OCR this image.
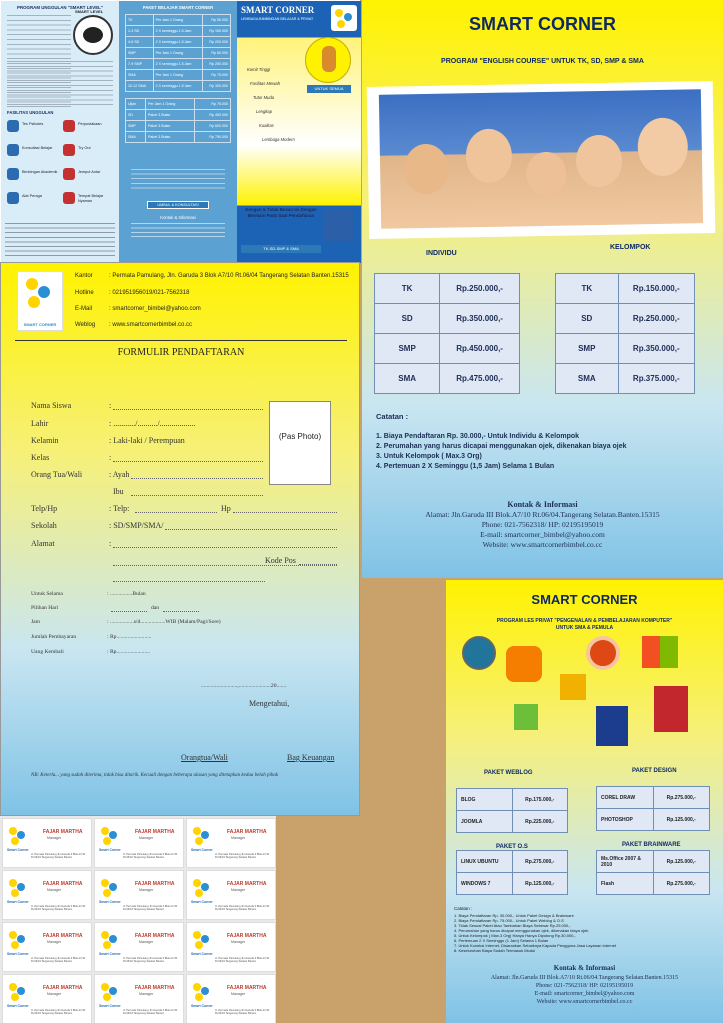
PROGRAM UNGGULAN "SMART LEVEL"
SMART LEVEL
FASILITAS UNGGULAN
Tes Psikotes	Perpustakaan
Konsultasi Belajar	Try Out
Bimbingan Akademik	Jemput Antar
Alat Peraga	Tempat Belajar Nyaman
PAKET BELAJAR SMART CORNER
TK	Per Jam 1 Orang	Rp 50.000
1-3 SD	2 X seminggu 1.5 Jam	Rp 150.000
4-6 SD	2 X seminggu 1.5 Jam	Rp 200.000
SMP	Per Jam 1 Orang	Rp 60.000
7-9 SMP	2 X seminggu 1.5 Jam	Rp 250.000
SMA	Per Jam 1 Orang	Rp 75.000
10-12 SMA	2 X seminggu 1.5 Jam	Rp 300.000
Ujian	Per Jam 1 Orang	Rp 75.000
SD	Paket 3 Bulan	Rp 450.000
SMP	Paket 3 Bulan	Rp 600.000
SMA	Paket 3 Bulan	Rp 750.000
UMBUL & KONSULTASI
Kontak & Informasi
SMART CORNER
LEMBAGA BIMBINGAN BELAJAR & PRIVAT
UNTUK SEMUA
Komit Tinggi
Fasilitas Mewah
Tutor Muda
Lengkap
Kualitas
Lembaga Modern
Dengan & Tidak Bosan Ini Dengan Bermain Pada Saat Pendaftaran
TK-SD-SMP & SMA
SMART CORNER
Kantor	: Permata Pamulang, Jln. Garuda 3 Blok A7/10 Rt.06/04 Tangerang Selatan Banten.15315
Hotline	: 021951956019/021-7562318
E-Mail	: smartcorner_bimbel@yahoo.com
Weblog : www.smartcornerbimbel.co.cc
FORMULIR PENDAFTARAN
(Pas Photo)
Nama Siswa	:
Lahir	: .........../........../..................
Kelamin	: Laki-laki / Perempuan
Kelas	:
Orang Tua/Wali	: Ayah
Ibu
Telp/Hp	: Telp:	Hp
Sekolah	: SD/SMP/SMA/
Alamat	:
Kode Pos
Untuk Selama	: ................Bulan
Pilihan Hari	dan
Jam	: .................s/d..................WIB (Malam/Pagi/Sore)
Jumlah Pembayaran	: Rp.........................
Uang Kembali	: Rp........................
..........................,.......................20.......
Mengetahui,
Orangtua/Wali	Bag Keuangan
NB: Keterlu... yang sudah diterima, tidak bisa ditarik. Kecuali dengan beberapa alasan yang ditetapkan kedua belah pihak
SMART CORNER
PROGRAM "ENGLISH COURSE" UNTUK TK, SD, SMP & SMA
INDIVIDU
KELOMPOK
TK	Rp.250.000,-
SD	Rp.350.000,-
SMP	Rp.450.000,-
SMA	Rp.475.000,-
TK	Rp.150.000,-
SD	Rp.250.000,-
SMP	Rp.350.000,-
SMA	Rp.375.000,-
Catatan :
1. Biaya Pendaftaran Rp. 30.000,- Untuk Individu & Kelompok
2. Perumahan yang harus dicapai menggunakan ojek, dikenakan biaya ojek
3. Untuk Kelompok ( Max.3 Org)
4. Pertemuan 2 X Seminggu (1,5 Jam) Selama 1 Bulan
Kontak & Informasi
Alamat: Jln.Garuda III Blok.A7/10 Rt.06/04.Tangerang Selatan.Banten.15315
Phone: 021-7562318/ HP: 02195195019
E-mail: smartcorner_bimbel@yahoo.com
Website: www.smartcornerbimbel.co.cc
SMART CORNER
PROGRAM LES PRIVAT "PENGENALAN & PEMBELAJARAN KOMPUTER"
UNTUK SMA & PEMULA
PAKET WEBLOG	PAKET DESIGN
BLOG	Rp.175.000,-
JOOMLA	Rp.225.000,-
COREL DRAW	Rp.275.000,-
PHOTOSHOP	Rp.125.000,-
PAKET O.S	PAKET BRAINWARE
LINUX UBUNTU	Rp.275.000,-
WINDOWS 7	Rp.125.000,-
Ms.Office 2007 & 2010	Rp.125.000,-
Flash	Rp.275.000,-
Catatan :
1. Biaya Pendaftaran Rp. 30.000,- Untuk Paket Design & Brainware
2. Biaya Pendaftaran Rp. 75.000,- Untuk Paket Weblog & O.S
3. Tidak Sesuai Paket Atau Tambahan Biaya Sebesar Rp.25.000,-
4. Perumahan yang harus dicapai menggunakan ojek, dikenakan biaya ojek
5. Untuk Kelompok ( Max.3 Org) Hanya Hanya Dipotong Rp.30.000,-
6. Pertemuan 2 X Seminggu (1 Jam) Selama 1 Bulan
7. Untuk Koneksi Internet, Disarankan Sebaiknya Kapada Pengguna Jasa Layanan Internet
8. Keseluruhan Biaya Sudah Termasuk Modul
Kontak & Informasi
Alamat: Jln.Garuda III Blok.A7/10 Rt.06/04.Tangerang Selatan.Banten.15315
Phone: 021-7562318/ HP: 02195195019
E-mail: smartcorner_bimbel@yahoo.com
Website: www.smartcornerbimbel.co.cc
Smart Corner
FAJAR MARTHA
Manager
Jl. Permata Pamulang Jln.Garuda 3 Blok A7/10 Rt.06/04 Tangerang Selatan Banten
Smart Corner
FAJAR MARTHA
Manager
Jl. Permata Pamulang Jln.Garuda 3 Blok A7/10 Rt.06/04 Tangerang Selatan Banten
Smart Corner
FAJAR MARTHA
Manager
Jl. Permata Pamulang Jln.Garuda 3 Blok A7/10 Rt.06/04 Tangerang Selatan Banten
Smart Corner
FAJAR MARTHA
Manager
Jl. Permata Pamulang Jln.Garuda 3 Blok A7/10 Rt.06/04 Tangerang Selatan Banten
Smart Corner
FAJAR MARTHA
Manager
Jl. Permata Pamulang Jln.Garuda 3 Blok A7/10 Rt.06/04 Tangerang Selatan Banten
Smart Corner
FAJAR MARTHA
Manager
Jl. Permata Pamulang Jln.Garuda 3 Blok A7/10 Rt.06/04 Tangerang Selatan Banten
Smart Corner
FAJAR MARTHA
Manager
Jl. Permata Pamulang Jln.Garuda 3 Blok A7/10 Rt.06/04 Tangerang Selatan Banten
Smart Corner
FAJAR MARTHA
Manager
Jl. Permata Pamulang Jln.Garuda 3 Blok A7/10 Rt.06/04 Tangerang Selatan Banten
Smart Corner
FAJAR MARTHA
Manager
Jl. Permata Pamulang Jln.Garuda 3 Blok A7/10 Rt.06/04 Tangerang Selatan Banten
Smart Corner
FAJAR MARTHA
Manager
Jl. Permata Pamulang Jln.Garuda 3 Blok A7/10 Rt.06/04 Tangerang Selatan Banten
Smart Corner
FAJAR MARTHA
Manager
Jl. Permata Pamulang Jln.Garuda 3 Blok A7/10 Rt.06/04 Tangerang Selatan Banten
Smart Corner
FAJAR MARTHA
Manager
Jl. Permata Pamulang Jln.Garuda 3 Blok A7/10 Rt.06/04 Tangerang Selatan Banten
